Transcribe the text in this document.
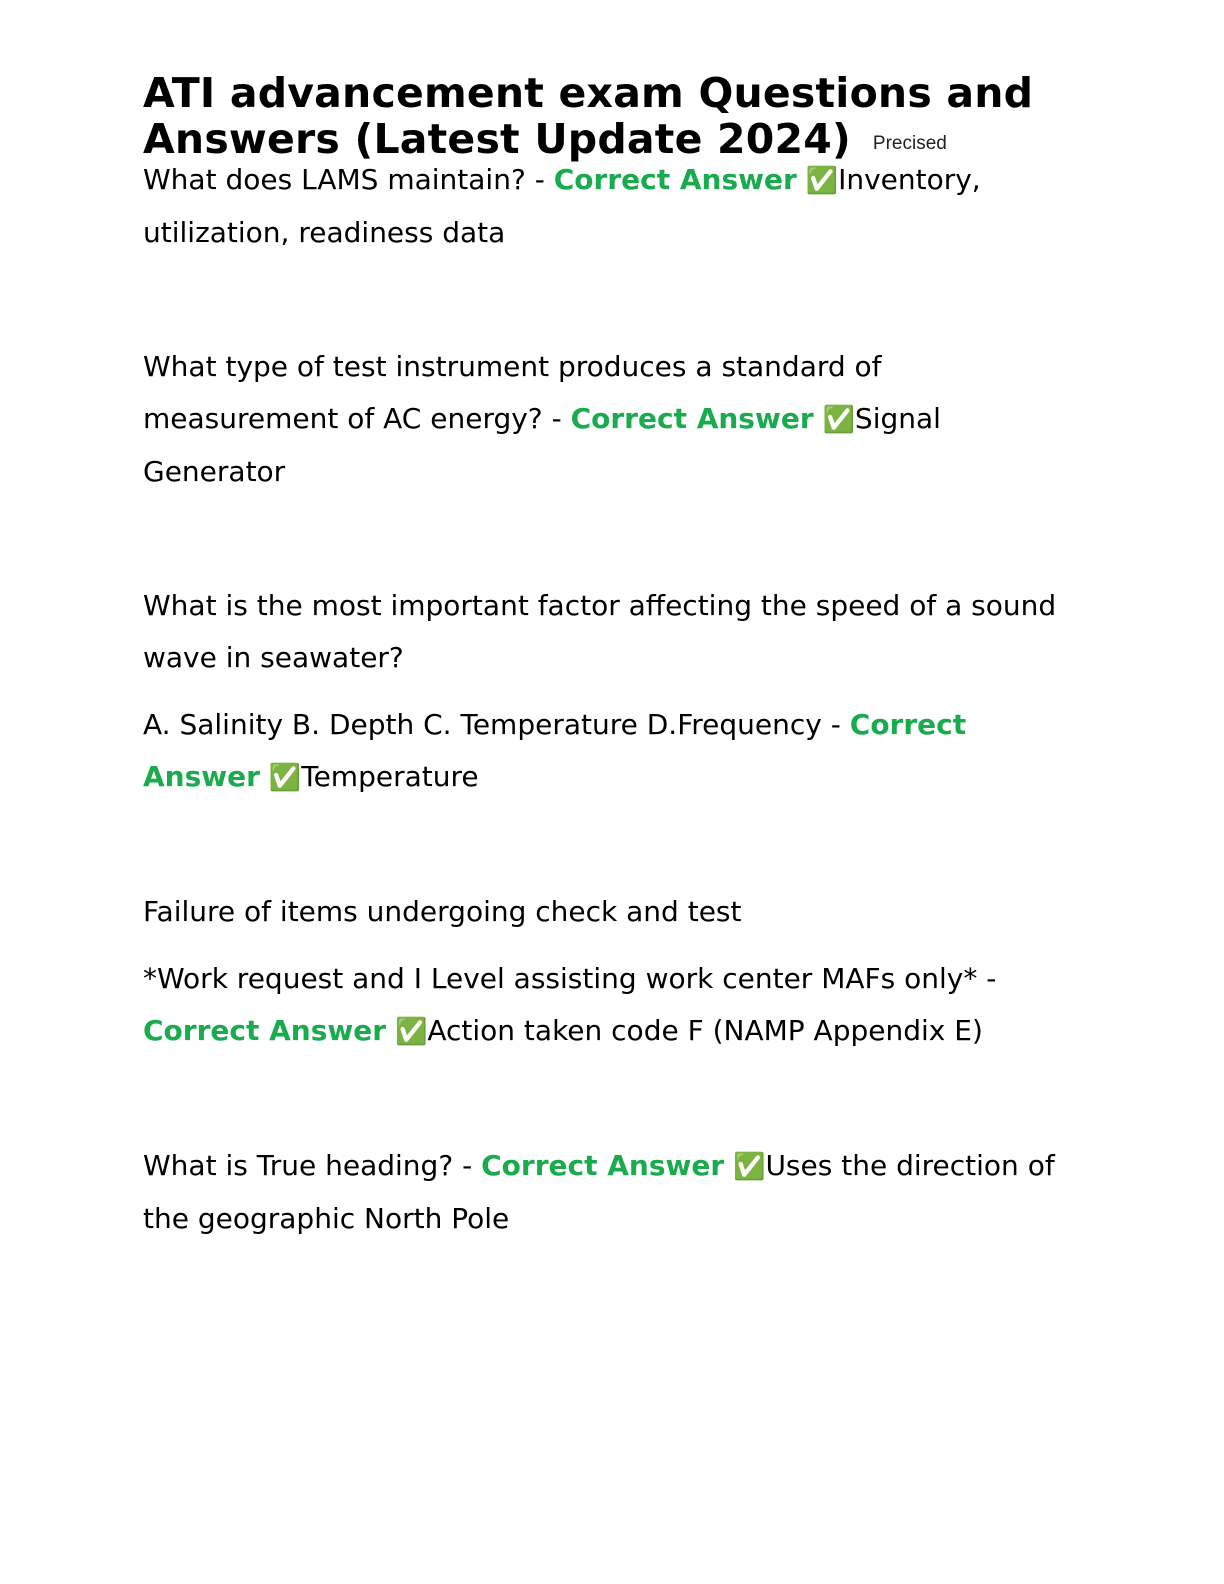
ATI advancement exam Questions and Answers (Latest Update 2024) Precised

What does LAMS maintain? - Correct Answer ✅Inventory, utilization, readiness data

What type of test instrument produces a standard of measurement of AC energy? - Correct Answer ✅Signal Generator

What is the most important factor affecting the speed of a sound wave in seawater?

A. Salinity B. Depth C. Temperature D.Frequency - Correct Answer ✅Temperature

Failure of items undergoing check and test

*Work request and I Level assisting work center MAFs only* - Correct Answer ✅Action taken code F (NAMP Appendix E)

What is True heading? - Correct Answer ✅Uses the direction of the geographic North Pole
